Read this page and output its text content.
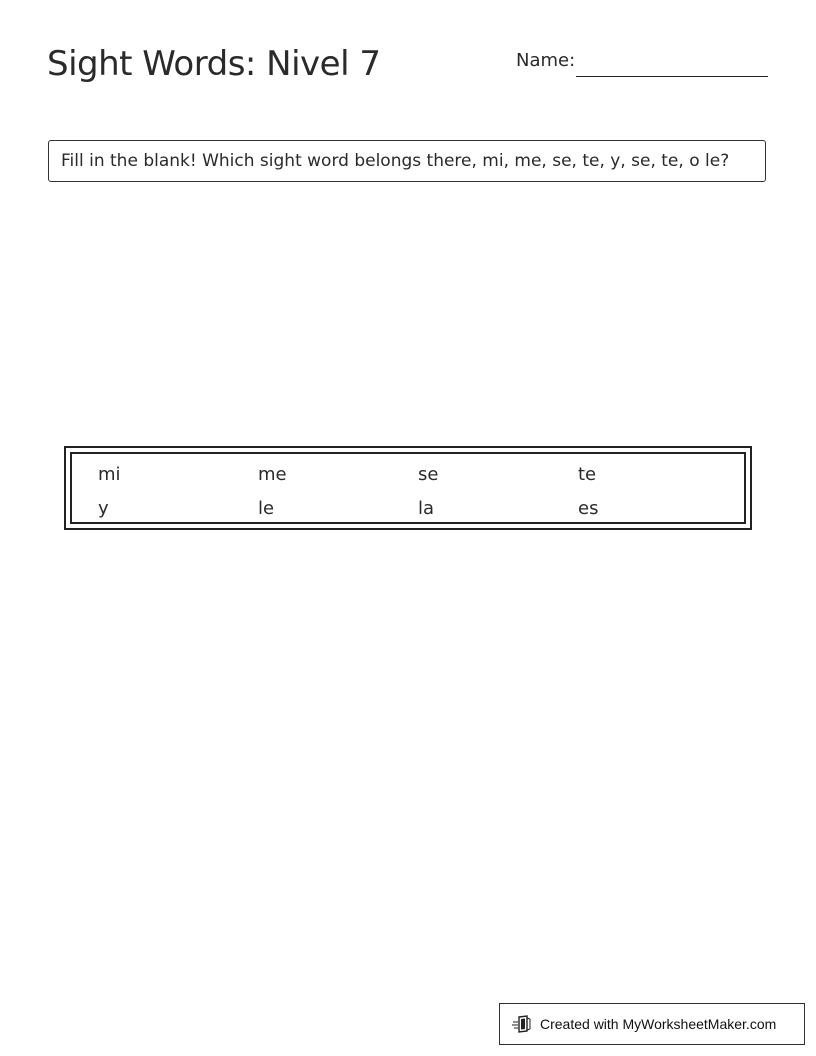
Sight Words: Nivel 7	Name:
Fill in the blank! Which sight word belongs there, mi, me, se, te, y, se, te, o le?
mi	me	se	te
y	le	la	es
Created with MyWorksheetMaker.com
